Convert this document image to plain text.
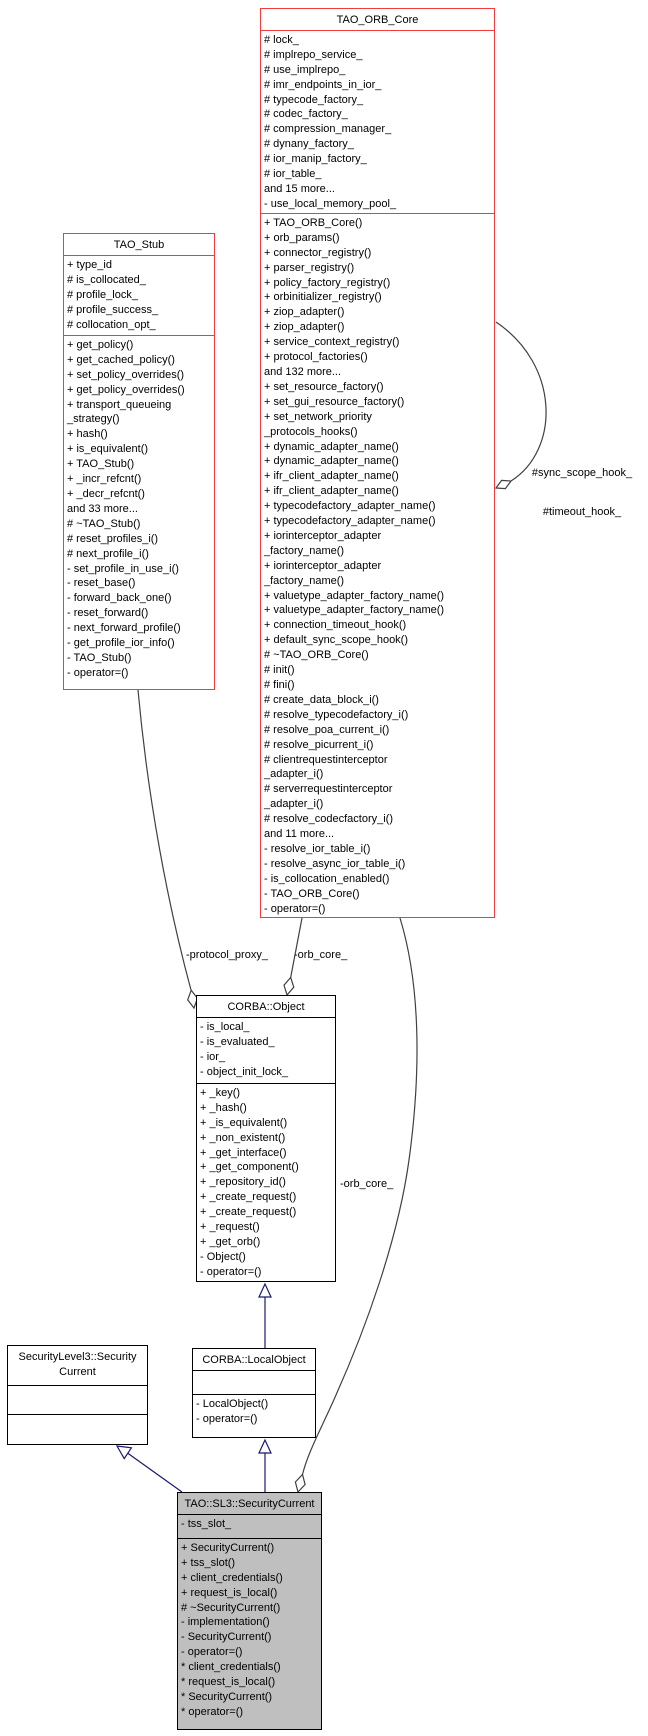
TAO_ORB_Core
# lock_
# implrepo_service_
# use_implrepo_
# imr_endpoints_in_ior_
# typecode_factory_
# codec_factory_
# compression_manager_
# dynany_factory_
# ior_manip_factory_
# ior_table_
and 15 more...
- use_local_memory_pool_
+ TAO_ORB_Core()
+ orb_params()
+ connector_registry()
+ parser_registry()
+ policy_factory_registry()
+ orbinitializer_registry()
+ ziop_adapter()
+ ziop_adapter()
+ service_context_registry()
+ protocol_factories()
and 132 more...
+ set_resource_factory()
+ set_gui_resource_factory()
+ set_network_priority
_protocols_hooks()
+ dynamic_adapter_name()
+ dynamic_adapter_name()
+ ifr_client_adapter_name()
+ ifr_client_adapter_name()
+ typecodefactory_adapter_name()
+ typecodefactory_adapter_name()
+ iorinterceptor_adapter
_factory_name()
+ iorinterceptor_adapter
_factory_name()
+ valuetype_adapter_factory_name()
+ valuetype_adapter_factory_name()
+ connection_timeout_hook()
+ default_sync_scope_hook()
# ~TAO_ORB_Core()
# init()
# fini()
# create_data_block_i()
# resolve_typecodefactory_i()
# resolve_poa_current_i()
# resolve_picurrent_i()
# clientrequestinterceptor
_adapter_i()
# serverrequestinterceptor
_adapter_i()
# resolve_codecfactory_i()
and 11 more...
- resolve_ior_table_i()
- resolve_async_ior_table_i()
- is_collocation_enabled()
- TAO_ORB_Core()
- operator=()
TAO_Stub
+ type_id
# is_collocated_
# profile_lock_
# profile_success_
# collocation_opt_
+ get_policy()
+ get_cached_policy()
+ set_policy_overrides()
+ get_policy_overrides()
+ transport_queueing
_strategy()
+ hash()
+ is_equivalent()
+ TAO_Stub()
+ _incr_refcnt()
+ _decr_refcnt()
and 33 more...
# ~TAO_Stub()
# reset_profiles_i()
# next_profile_i()
- set_profile_in_use_i()
- reset_base()
- forward_back_one()
- reset_forward()
- next_forward_profile()
- get_profile_ior_info()
- TAO_Stub()
- operator=()
CORBA::Object
- is_local_
- is_evaluated_
- ior_
- object_init_lock_
+ _key()
+ _hash()
+ _is_equivalent()
+ _non_existent()
+ _get_interface()
+ _get_component()
+ _repository_id()
+ _create_request()
+ _create_request()
+ _request()
+ _get_orb()
- Object()
- operator=()
SecurityLevel3::Security Current
CORBA::LocalObject
- LocalObject()
- operator=()
TAO::SL3::SecurityCurrent
- tss_slot_
+ SecurityCurrent()
+ tss_slot()
+ client_credentials()
+ request_is_local()
# ~SecurityCurrent()
- implementation()
- SecurityCurrent()
- operator=()
* client_credentials()
* request_is_local()
* SecurityCurrent()
* operator=()
-protocol_proxy_ -orb_core_
-orb_core_

#sync_scope_hook_

#timeout_hook_
